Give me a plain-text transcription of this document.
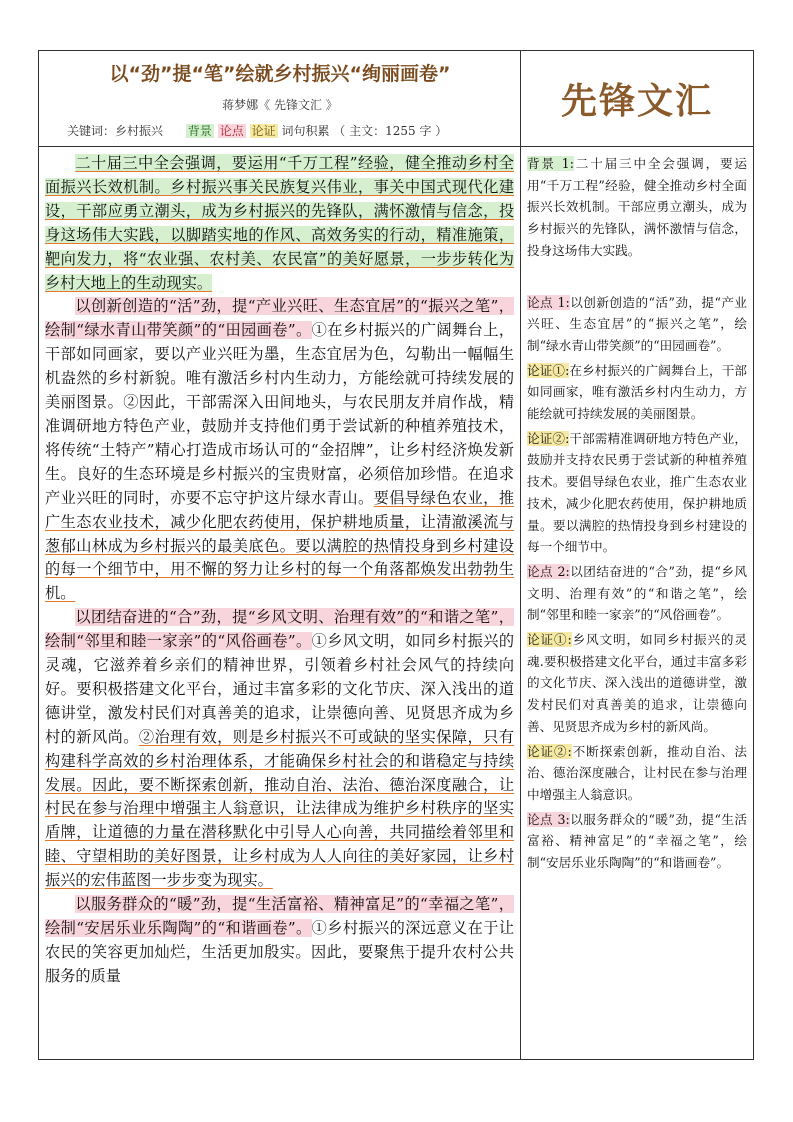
以“劲”提“笔”绘就乡村振兴“绚丽画卷”
蒋梦娜《 先锋文汇 》
关键词：乡村振兴 背景 论点 论证 词句积累 （ 主文：1255 字 ）
先锋文汇

二十届三中全会强调，要运用“千万工程”经验，健全推动乡村全面振兴长效机制。乡村振兴事关民族复兴伟业，事关中国式现代化建设，干部应勇立潮头，成为乡村振兴的先锋队，满怀激情与信念，投身这场伟大实践，以脚踏实地的作风、高效务实的行动，精准施策，靶向发力，将“农业强、农村美、农民富”的美好愿景，一步步转化为乡村大地上的生动现实。

以创新创造的“活”劲，提“产业兴旺、生态宜居”的“振兴之笔”，绘制“绿水青山带笑颜”的“田园画卷”。①在乡村振兴的广阔舞台上，干部如同画家，要以产业兴旺为墨，生态宜居为色，勾勒出一幅幅生机盎然的乡村新貌。唯有激活乡村内生动力，方能绘就可持续发展的美丽图景。②因此，干部需深入田间地头，与农民朋友并肩作战，精准调研地方特色产业，鼓励并支持他们勇于尝试新的种植养殖技术，将传统“土特产”精心打造成市场认可的“金招牌”，让乡村经济焕发新生。良好的生态环境是乡村振兴的宝贵财富，必须倍加珍惜。在追求产业兴旺的同时，亦要不忘守护这片绿水青山。要倡导绿色农业，推广生态农业技术，减少化肥农药使用，保护耕地质量，让清澈溪流与葱郁山林成为乡村振兴的最美底色。要以满腔的热情投身到乡村建设的每一个细节中，用不懈的努力让乡村的每一个角落都焕发出勃勃生机。

以团结奋进的“合”劲，提“乡风文明、治理有效”的“和谐之笔”，绘制“邻里和睦一家亲”的“风俗画卷”。①乡风文明，如同乡村振兴的灵魂，它滋养着乡亲们的精神世界，引领着乡村社会风气的持续向好。要积极搭建文化平台，通过丰富多彩的文化节庆、深入浅出的道德讲堂，激发村民们对真善美的追求，让崇德向善、见贤思齐成为乡村的新风尚。②治理有效，则是乡村振兴不可或缺的坚实保障，只有构建科学高效的乡村治理体系，才能确保乡村社会的和谐稳定与持续发展。因此，要不断探索创新，推动自治、法治、德治深度融合，让村民在参与治理中增强主人翁意识，让法律成为维护乡村秩序的坚实盾牌，让道德的力量在潜移默化中引导人心向善，共同描绘着邻里和睦、守望相助的美好图景，让乡村成为人人向往的美好家园，让乡村振兴的宏伟蓝图一步步变为现实。

以服务群众的“暖”劲，提“生活富裕、精神富足”的“幸福之笔”，绘制“安居乐业乐陶陶”的“和谐画卷”。①乡村振兴的深远意义在于让农民的笑容更加灿烂，生活更加殷实。因此，要聚焦于提升农村公共服务的质量

背景 1:二十届三中全会强调，要运用“千万工程”经验，健全推动乡村全面振兴长效机制。干部应勇立潮头，成为乡村振兴的先锋队，满怀激情与信念，投身这场伟大实践。

论点 1:以创新创造的“活”劲，提“产业兴旺、生态宜居”的“振兴之笔”，绘制“绿水青山带笑颜”的“田园画卷”。

论证①:在乡村振兴的广阔舞台上，干部如同画家，唯有激活乡村内生动力，方能绘就可持续发展的美丽图景。

论证②:干部需精准调研地方特色产业，鼓励并支持农民勇于尝试新的种植养殖技术。要倡导绿色农业，推广生态农业技术，减少化肥农药使用，保护耕地质量。要以满腔的热情投身到乡村建设的每一个细节中。

论点 2:以团结奋进的“合”劲，提“乡风文明、治理有效”的“和谐之笔”，绘制“邻里和睦一家亲”的“风俗画卷”。

论证①:乡风文明，如同乡村振兴的灵魂.要积极搭建文化平台，通过丰富多彩的文化节庆、深入浅出的道德讲堂，激发村民们对真善美的追求，让崇德向善、见贤思齐成为乡村的新风尚。

论证②:不断探索创新，推动自治、法治、德治深度融合，让村民在参与治理中增强主人翁意识。

论点 3:以服务群众的“暖”劲，提“生活富裕、精神富足”的“幸福之笔”，绘制“安居乐业乐陶陶”的“和谐画卷”。
